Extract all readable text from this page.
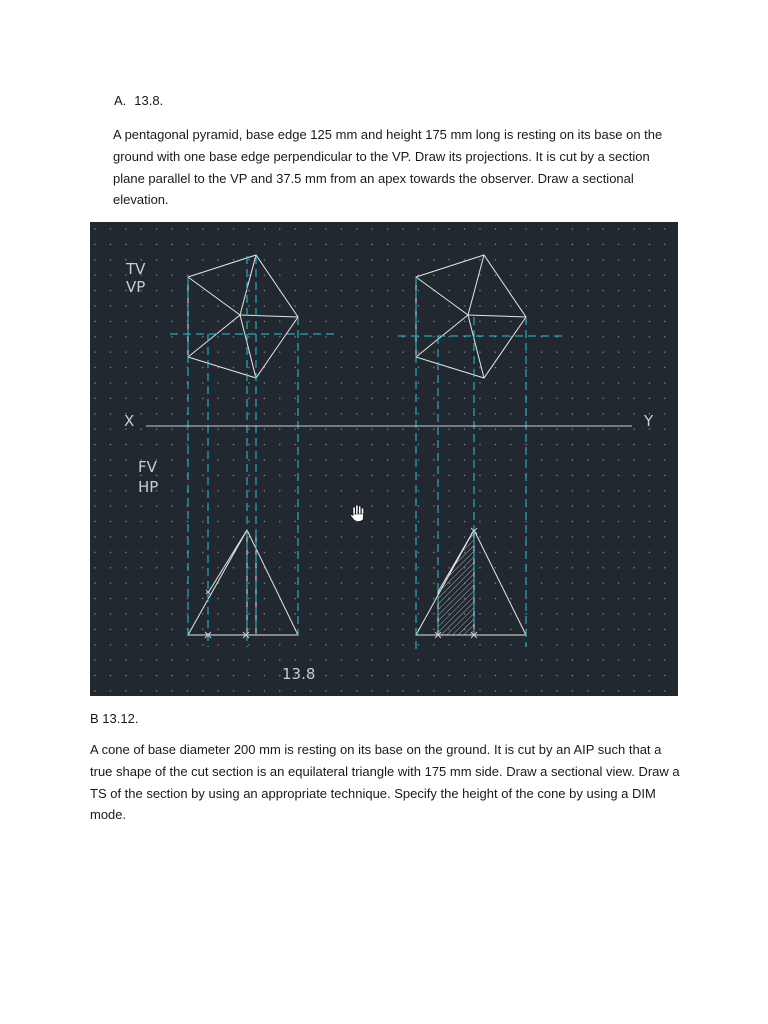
A. 13.8.
A pentagonal pyramid, base edge 125 mm and height 175 mm long is resting on its base on the ground with one base edge perpendicular to the VP. Draw its projections. It is cut by a section plane parallel to the VP and 37.5 mm from an apex towards the observer. Draw a sectional elevation.
TV
VP
X	Y
FV
HP
13.8
B 13.12.
A cone of base diameter 200 mm is resting on its base on the ground. It is cut by an AIP such that a true shape of the cut section is an equilateral triangle with 175 mm side. Draw a sectional view. Draw a TS of the section by using an appropriate technique. Specify the height of the cone by using a DIM mode.
